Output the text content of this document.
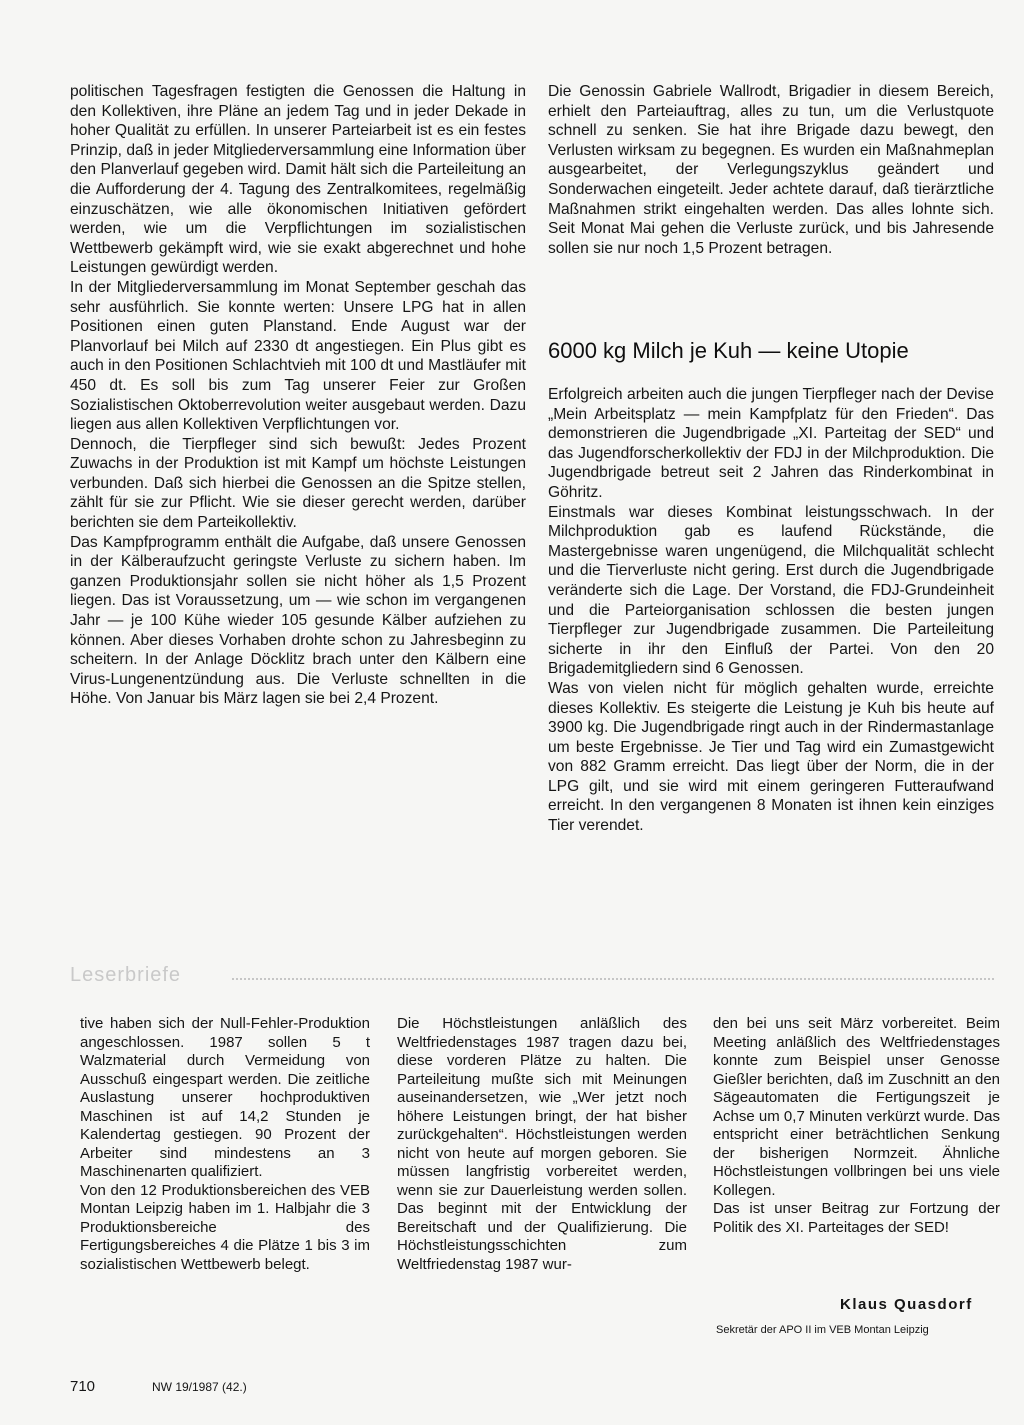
politischen Tagesfragen festigten die Genossen die Haltung in den Kollektiven, ihre Pläne an jedem Tag und in jeder Dekade in hoher Qualität zu erfüllen. In unserer Parteiarbeit ist es ein festes Prinzip, daß in jeder Mitgliederversammlung eine Information über den Planverlauf gegeben wird. Damit hält sich die Parteileitung an die Aufforderung der 4. Tagung des Zentralkomitees, regelmäßig einzuschätzen, wie alle ökonomischen Initiativen gefördert werden, wie um die Verpflichtungen im sozialistischen Wettbewerb gekämpft wird, wie sie exakt abgerechnet und hohe Leistungen gewürdigt werden.
In der Mitgliederversammlung im Monat September geschah das sehr ausführlich. Sie konnte werten: Unsere LPG hat in allen Positionen einen guten Planstand. Ende August war der Planvorlauf bei Milch auf 2330 dt angestiegen. Ein Plus gibt es auch in den Positionen Schlachtvieh mit 100 dt und Mastläufer mit 450 dt. Es soll bis zum Tag unserer Feier zur Großen Sozialistischen Oktoberrevolution weiter ausgebaut werden. Dazu liegen aus allen Kollektiven Verpflichtungen vor.
Dennoch, die Tierpfleger sind sich bewußt: Jedes Prozent Zuwachs in der Produktion ist mit Kampf um höchste Leistungen verbunden. Daß sich hierbei die Genossen an die Spitze stellen, zählt für sie zur Pflicht. Wie sie dieser gerecht werden, darüber berichten sie dem Parteikollektiv.
Das Kampfprogramm enthält die Aufgabe, daß unsere Genossen in der Kälberaufzucht geringste Verluste zu sichern haben. Im ganzen Produktionsjahr sollen sie nicht höher als 1,5 Prozent liegen. Das ist Voraussetzung, um — wie schon im vergangenen Jahr — je 100 Kühe wieder 105 gesunde Kälber aufziehen zu können. Aber dieses Vorhaben drohte schon zu Jahresbeginn zu scheitern. In der Anlage Döcklitz brach unter den Kälbern eine Virus-Lungenentzündung aus. Die Verluste schnellten in die Höhe. Von Januar bis März lagen sie bei 2,4 Prozent.

Die Genossin Gabriele Wallrodt, Brigadier in diesem Bereich, erhielt den Parteiauftrag, alles zu tun, um die Verlustquote schnell zu senken. Sie hat ihre Brigade dazu bewegt, den Verlusten wirksam zu begegnen. Es wurden ein Maßnahmeplan ausgearbeitet, der Verlegungszyklus geändert und Sonderwachen eingeteilt. Jeder achtete darauf, daß tierärztliche Maßnahmen strikt eingehalten werden. Das alles lohnte sich. Seit Monat Mai gehen die Verluste zurück, und bis Jahresende sollen sie nur noch 1,5 Prozent betragen.

6000 kg Milch je Kuh — keine Utopie

Erfolgreich arbeiten auch die jungen Tierpfleger nach der Devise „Mein Arbeitsplatz — mein Kampfplatz für den Frieden“. Das demonstrieren die Jugendbrigade „XI. Parteitag der SED“ und das Jugendforscherkollektiv der FDJ in der Milchproduktion. Die Jugendbrigade betreut seit 2 Jahren das Rinderkombinat in Göhritz.
Einstmals war dieses Kombinat leistungsschwach. In der Milchproduktion gab es laufend Rückstände, die Mastergebnisse waren ungenügend, die Milchqualität schlecht und die Tierverluste nicht gering. Erst durch die Jugendbrigade veränderte sich die Lage. Der Vorstand, die FDJ-Grundeinheit und die Parteiorganisation schlossen die besten jungen Tierpfleger zur Jugendbrigade zusammen. Die Parteileitung sicherte in ihr den Einfluß der Partei. Von den 20 Brigademitgliedern sind 6 Genossen.
Was von vielen nicht für möglich gehalten wurde, erreichte dieses Kollektiv. Es steigerte die Leistung je Kuh bis heute auf 3900 kg. Die Jugendbrigade ringt auch in der Rindermastanlage um beste Ergebnisse. Je Tier und Tag wird ein Zumastgewicht von 882 Gramm erreicht. Das liegt über der Norm, die in der LPG gilt, und sie wird mit einem geringeren Futteraufwand erreicht. In den vergangenen 8 Monaten ist ihnen kein einziges Tier verendet.

Leserbriefe

tive haben sich der Null-Fehler-Produktion angeschlossen. 1987 sollen 5 t Walzmaterial durch Vermeidung von Ausschuß eingespart werden. Die zeitliche Auslastung unserer hochproduktiven Maschinen ist auf 14,2 Stunden je Kalendertag gestiegen. 90 Prozent der Arbeiter sind mindestens an 3 Maschinenarten qualifiziert.
Von den 12 Produktionsbereichen des VEB Montan Leipzig haben im 1. Halbjahr die 3 Produktionsbereiche des Fertigungsbereiches 4 die Plätze 1 bis 3 im sozialistischen Wettbewerb belegt.

Die Höchstleistungen anläßlich des Weltfriedenstages 1987 tragen dazu bei, diese vorderen Plätze zu halten. Die Parteileitung mußte sich mit Meinungen auseinandersetzen, wie „Wer jetzt noch höhere Leistungen bringt, der hat bisher zurückgehalten“. Höchstleistungen werden nicht von heute auf morgen geboren. Sie müssen langfristig vorbereitet werden, wenn sie zur Dauerleistung werden sollen. Das beginnt mit der Entwicklung der Bereitschaft und der Qualifizierung. Die Höchstleistungsschichten zum Weltfriedenstag 1987 wur-

den bei uns seit März vorbereitet. Beim Meeting anläßlich des Weltfriedenstages konnte zum Beispiel unser Genosse Gießler berichten, daß im Zuschnitt an den Sägeautomaten die Fertigungszeit je Achse um 0,7 Minuten verkürzt wurde. Das entspricht einer beträchtlichen Senkung der bisherigen Normzeit. Ähnliche Höchstleistungen vollbringen bei uns viele Kollegen.
Das ist unser Beitrag zur Fortzung der Politik des XI. Parteitages der SED!

Klaus Quasdorf
Sekretär der APO II im VEB Montan Leipzig
710	NW 19/1987 (42.)
